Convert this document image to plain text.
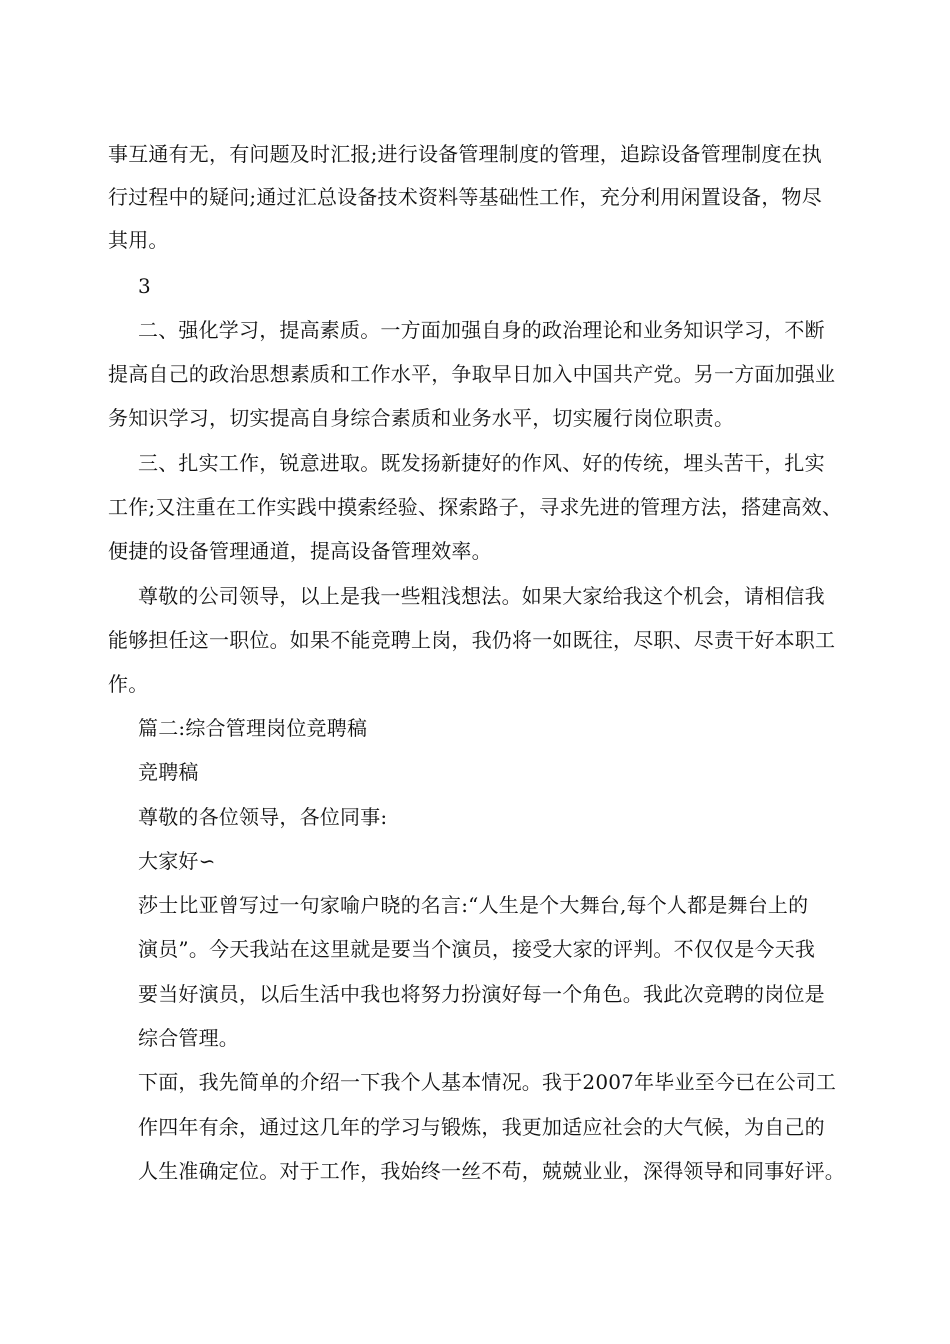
事互通有无，有问题及时汇报;进行设备管理制度的管理，追踪设备管理制度在执
行过程中的疑问;通过汇总设备技术资料等基础性工作，充分利用闲置设备，物尽
其用。
3
二、强化学习，提高素质。一方面加强自身的政治理论和业务知识学习，不断
提高自己的政治思想素质和工作水平，争取早日加入中国共产党。另一方面加强业
务知识学习，切实提高自身综合素质和业务水平，切实履行岗位职责。
三、扎实工作，锐意进取。既发扬新捷好的作风、好的传统，埋头苦干，扎实
工作;又注重在工作实践中摸索经验、探索路子，寻求先进的管理方法，搭建高效、
便捷的设备管理通道，提高设备管理效率。
尊敬的公司领导，以上是我一些粗浅想法。如果大家给我这个机会，请相信我
能够担任这一职位。如果不能竞聘上岗，我仍将一如既往，尽职、尽责干好本职工
作。
篇二:综合管理岗位竞聘稿
竞聘稿
尊敬的各位领导，各位同事:
大家好∽
莎士比亚曾写过一句家喻户晓的名言:“人生是个大舞台,每个人都是舞台上的
演员”。今天我站在这里就是要当个演员，接受大家的评判。不仅仅是今天我
要当好演员，以后生活中我也将努力扮演好每一个角色。我此次竞聘的岗位是
综合管理。
下面，我先简单的介绍一下我个人基本情况。我于2007年毕业至今已在公司工
作四年有余，通过这几年的学习与锻炼，我更加适应社会的大气候，为自己的
人生准确定位。对于工作，我始终一丝不苟，兢兢业业，深得领导和同事好评。
